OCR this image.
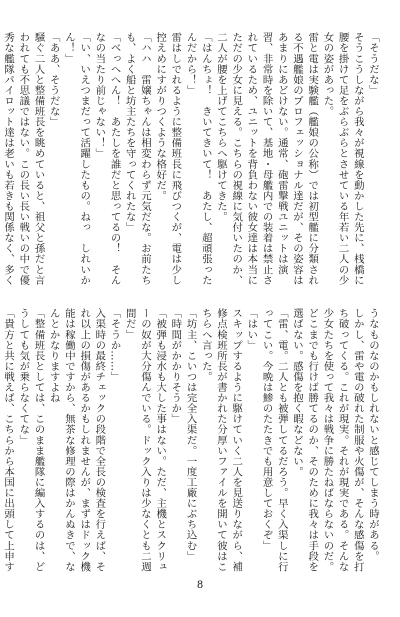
「そうだな」
そうこうしながら我々が視線を動かした先に、桟橋に腰を掛けて足をぶらぶらとさせている年若い二人の少女の姿があった。
雷と電は実験艦（艦娘の公称）では初型艦に分類される不遇艦娘のプロフェッショナル達だが、その姿容はあまりにあどけない。通常、砲雷撃戦ユニットは演習、非常時を除いて、基地・母艦内での装着は禁止されているため、ユニットを背負わない彼女達は本当にただの少女に見える。こちらの視線に気付いたのか、二人が腰を上げてこちらへ駆けてきた。
「はんちょ！　きいてきいて！　あたし、超頑張ったんだから！」
雷はしでれるように整備班長に飛びつくが、電は少し控えめにすがりつくような格好だ。
「ハハ　雷嬢ちゃんは相変わらず元気だな。お前たちも、よく船と坊主たちを守ってくれたな」
「べっへへん！　あたしを誰だと思ってるの！　そんなの当たり前じゃない！」
「い、いえつまだって活躍したもの。ねっ　しれいかん！」
「ああ、そうだな」
騒ぐ二人と整備班長を眺めていると、祖父と孫だと言われても不思議ではない。この長い長い戦いの中で優秀な艦隊パイロット達は老いも若きも関係なく、多く
うなものなのかもしれないと感じてしまう時がある。
しかし、雷や電の破れた制服や火傷が、そんな感傷を打ち破ってくる。これが現実。それが現実である。そんな少女たちを使って我々は戦争に勝たねばならないのだ。どこまでも行けば勝てるのか、そのために我々は手段を選ばない。感傷を抱く暇などない。
「雷、電。二人とも被弾してるだろう。早く入渠しに行ってこい。今晩は鯵のたたきでも用意しておくぞ」
「はい」
スキップするように駆けていく二人を見送りながら、補修点検班所長が書かれた分厚いファイルを開いて彼はこちらへ言った。
「坊主、こいつは完全入渠だ。一度工廠にぶち込む」
「時間がかかりそうか」
「被弾も浸水も大した事はない。ただ、主機とスクリューの奴が大分傷んでいる。ドック入りは少なくとも二週間だ」
「そうか……」
入渠時の最終チェックの段階で全長の検査を行えば、それ以上の損傷があるかもしれませんが、まずはドック機能は稼働中ですから、無茶な修理の際はかんぬきで、なんとかなりますよね
「整備班長としては、このまま艦隊に編入するのは、どうしても気が乗らなくてな」
「貴方と共に戦えば、こちらから本国に出頭して上申す
8
